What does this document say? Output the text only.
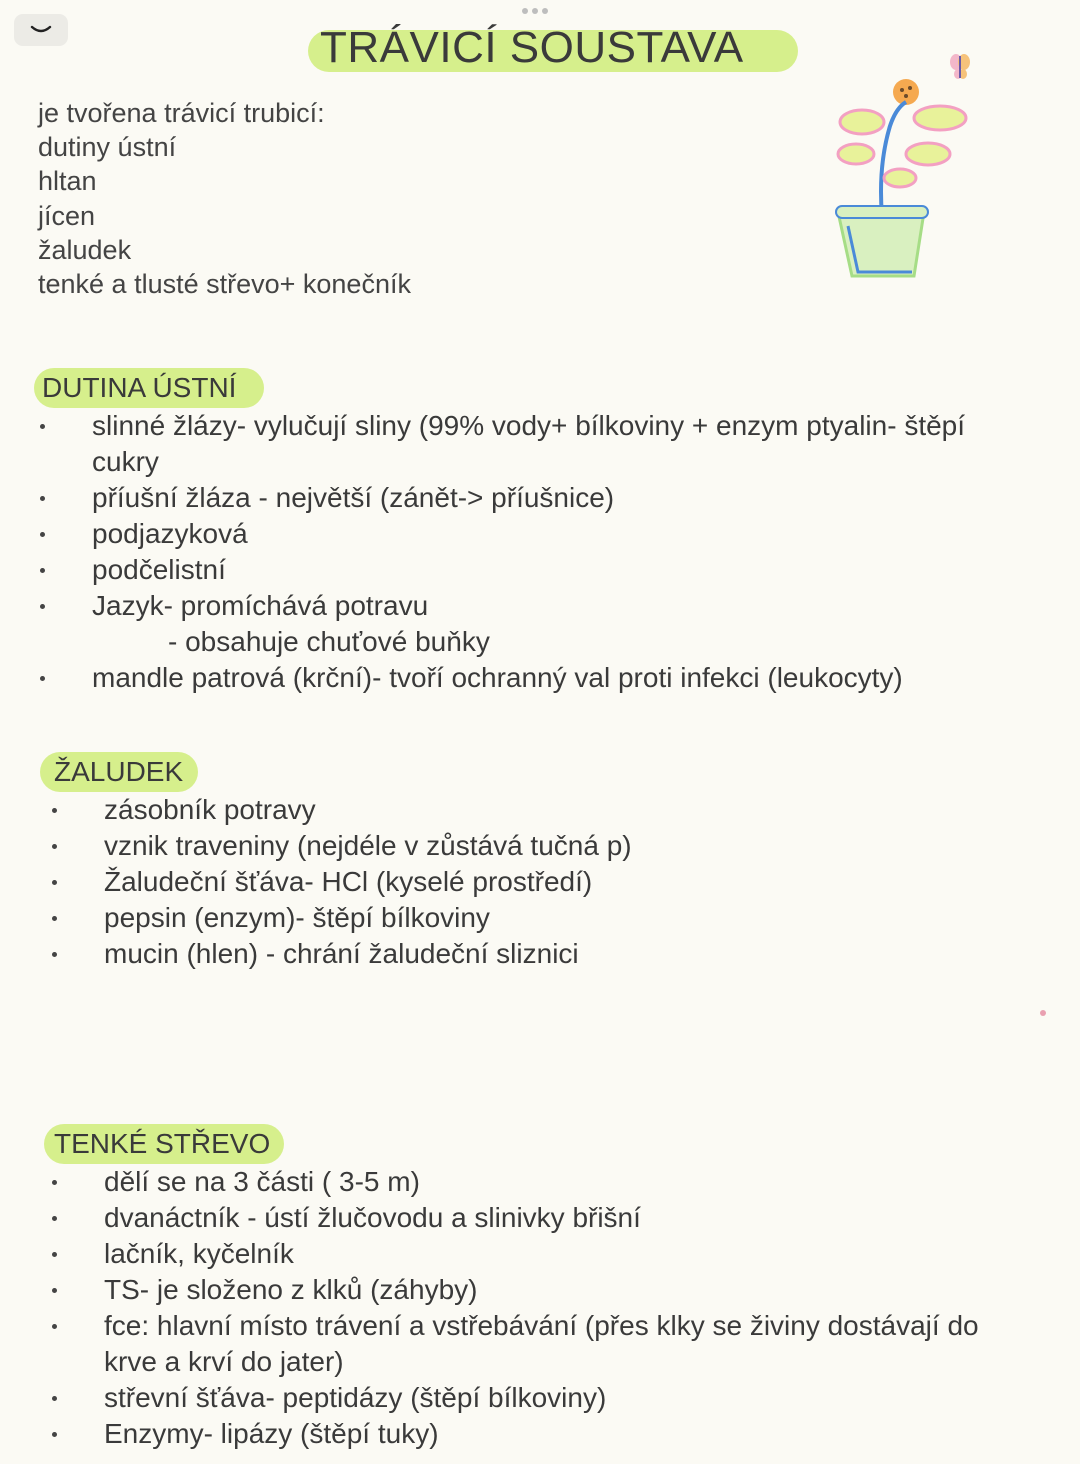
TRÁVICÍ SOUSTAVA
je tvořena trávicí trubicí:
dutiny ústní
hltan
jícen
žaludek
tenké a tlusté střevo+ konečník
DUTINA ÚSTNÍ
slinné žlázy- vylučují sliny (99% vody+ bílkoviny + enzym ptyalin- štěpí
cukry
příušní žláza - největší (zánět-> příušnice)
podjazyková
podčelistní
Jazyk- promíchává potravu
- obsahuje chuťové buňky
mandle patrová (krční)- tvoří ochranný val proti infekci (leukocyty)
ŽALUDEK
zásobník potravy
vznik traveniny (nejdéle v zůstává tučná p)
Žaludeční šťáva- HCl (kyselé prostředí)
pepsin (enzym)- štěpí bílkoviny
mucin (hlen) - chrání žaludeční sliznici
TENKÉ STŘEVO
dělí se na 3 části ( 3-5 m)
dvanáctník - ústí žlučovodu a slinivky břišní
lačník, kyčelník
TS- je složeno z klků (záhyby)
fce: hlavní místo trávení a vstřebávání (přes klky se živiny dostávají do
krve a krví do jater)
střevní šťáva- peptidázy (štěpí bílkoviny)
Enzymy- lipázy (štěpí tuky)
